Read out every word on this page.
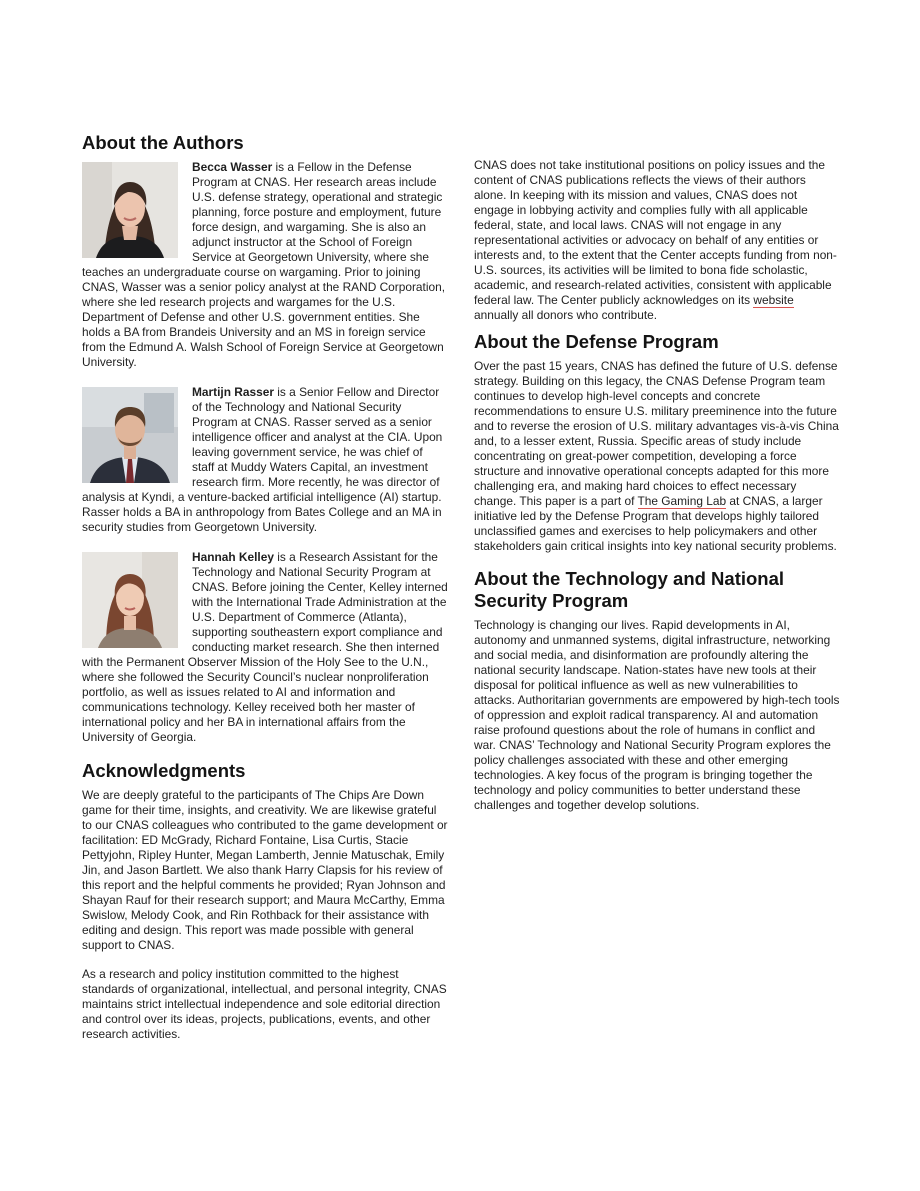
About the Authors

Becca Wasser is a Fellow in the Defense Program at CNAS. Her research areas include U.S. defense strategy, operational and strategic planning, force posture and employment, future force design, and wargaming. She is also an adjunct instructor at the School of Foreign Service at Georgetown University, where she teaches an undergraduate course on wargaming. Prior to joining CNAS, Wasser was a senior policy analyst at the RAND Corporation, where she led research projects and wargames for the U.S. Department of Defense and other U.S. government entities. She holds a BA from Brandeis University and an MS in foreign service from the Edmund A. Walsh School of Foreign Service at Georgetown University.

Martijn Rasser is a Senior Fellow and Director of the Technology and National Security Program at CNAS. Rasser served as a senior intelligence officer and analyst at the CIA. Upon leaving government service, he was chief of staff at Muddy Waters Capital, an investment research firm. More recently, he was director of analysis at Kyndi, a venture-backed artificial intelligence (AI) startup. Rasser holds a BA in anthropology from Bates College and an MA in security studies from Georgetown University.

Hannah Kelley is a Research Assistant for the Technology and National Security Program at CNAS. Before joining the Center, Kelley interned with the International Trade Administration at the U.S. Department of Commerce (Atlanta), supporting southeastern export compliance and conducting market research. She then interned with the Permanent Observer Mission of the Holy See to the U.N., where she followed the Security Council’s nuclear nonproliferation portfolio, as well as issues related to AI and information and communications technology. Kelley received both her master of international policy and her BA in international affairs from the University of Georgia.

Acknowledgments

We are deeply grateful to the participants of The Chips Are Down game for their time, insights, and creativity. We are likewise grateful to our CNAS colleagues who contributed to the game development or facilitation: ED McGrady, Richard Fontaine, Lisa Curtis, Stacie Pettyjohn, Ripley Hunter, Megan Lamberth, Jennie Matuschak, Emily Jin, and Jason Bartlett. We also thank Harry Clapsis for his review of this report and the helpful comments he provided; Ryan Johnson and Shayan Rauf for their research support; and Maura McCarthy, Emma Swislow, Melody Cook, and Rin Rothback for their assistance with editing and design. This report was made possible with general support to CNAS.

As a research and policy institution committed to the highest standards of organizational, intellectual, and personal integrity, CNAS maintains strict intellectual independence and sole editorial direction and control over its ideas, projects, publications, events, and other research activities.

CNAS does not take institutional positions on policy issues and the content of CNAS publications reflects the views of their authors alone. In keeping with its mission and values, CNAS does not engage in lobbying activity and complies fully with all applicable federal, state, and local laws. CNAS will not engage in any representational activities or advocacy on behalf of any entities or interests and, to the extent that the Center accepts funding from non-U.S. sources, its activities will be limited to bona fide scholastic, academic, and research-related activities, consistent with applicable federal law. The Center publicly acknowledges on its website annually all donors who contribute.

About the Defense Program

Over the past 15 years, CNAS has defined the future of U.S. defense strategy. Building on this legacy, the CNAS Defense Program team continues to develop high-level concepts and concrete recommendations to ensure U.S. military preeminence into the future and to reverse the erosion of U.S. military advantages vis-à-vis China and, to a lesser extent, Russia. Specific areas of study include concentrating on great-power competition, developing a force structure and innovative operational concepts adapted for this more challenging era, and making hard choices to effect necessary change. This paper is a part of The Gaming Lab at CNAS, a larger initiative led by the Defense Program that develops highly tailored unclassified games and exercises to help policymakers and other stakeholders gain critical insights into key national security problems.

About the Technology and National Security Program

Technology is changing our lives. Rapid developments in AI, autonomy and unmanned systems, digital infrastructure, networking and social media, and disinformation are profoundly altering the national security landscape. Nation-states have new tools at their disposal for political influence as well as new vulnerabilities to attacks. Authoritarian governments are empowered by high-tech tools of oppression and exploit radical transparency. AI and automation raise profound questions about the role of humans in conflict and war. CNAS’ Technology and National Security Program explores the policy challenges associated with these and other emerging technologies. A key focus of the program is bringing together the technology and policy communities to better understand these challenges and together develop solutions.
